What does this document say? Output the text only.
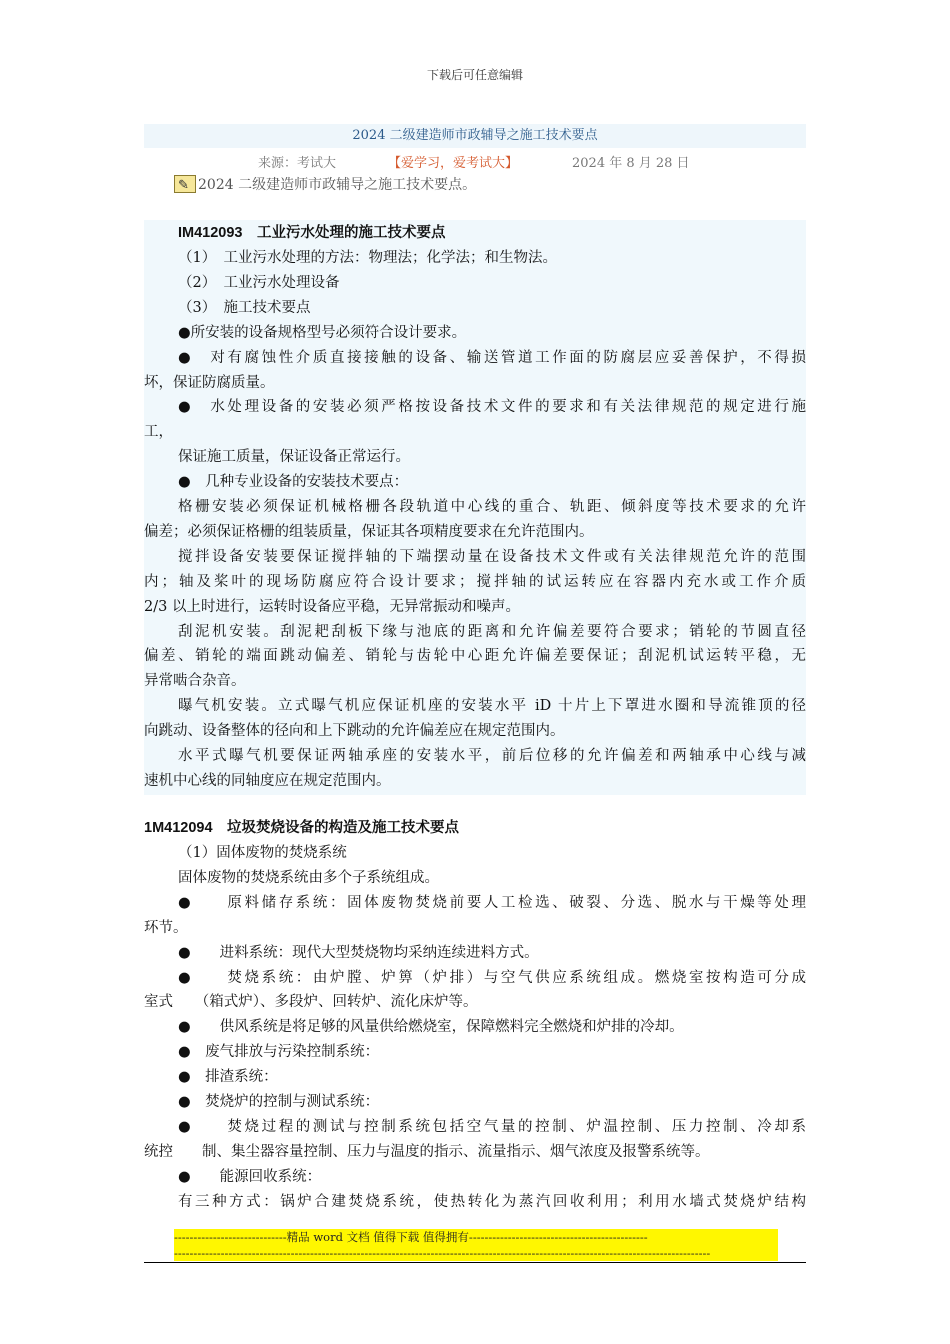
下载后可任意编辑
2024 二级建造师市政辅导之施工技术要点
来源：考试大	【爱学习，爱考试大】	2024 年 8 月 28 日
✎2024 二级建造师市政辅导之施工技术要点。
IM412093　工业污水处理的施工技术要点
（1）　工业污水处理的方法：物理法；化学法；和生物法。
（2）　工业污水处理设备
（3）　施工技术要点
●所安装的设备规格型号必须符合设计要求。
●　对有腐蚀性介质直接接触的设备、输送管道工作面的防腐层应妥善保护，不得损
坏，保证防腐质量。
●　水处理设备的安装必须严格按设备技术文件的要求和有关法律规范的规定进行施
工，
保证施工质量，保证设备正常运行。
●　几种专业设备的安装技术要点：
格栅安装必须保证机械格栅各段轨道中心线的重合、轨距、倾斜度等技术要求的允许
偏差；必须保证格栅的组装质量，保证其各项精度要求在允许范围内。
搅拌设备安装要保证搅拌轴的下端摆动量在设备技术文件或有关法律规范允许的范围
内；轴及桨叶的现场防腐应符合设计要求；搅拌轴的试运转应在容器内充水或工作介质
2/3 以上时进行，运转时设备应平稳，无异常振动和噪声。
刮泥机安装。刮泥耙刮板下缘与池底的距离和允许偏差要符合要求；销轮的节圆直径
偏差、销轮的端面跳动偏差、销轮与齿轮中心距允许偏差要保证；刮泥机试运转平稳，无
异常啮合杂音。
曝气机安装。立式曝气机应保证机座的安装水平 iD 十片上下罩进水圈和导流锥顶的径
向跳动、设备整体的径向和上下跳动的允许偏差应在规定范围内。
水平式曝气机要保证两轴承座的安装水平，前后位移的允许偏差和两轴承中心线与减
速机中心线的同轴度应在规定范围内。
1M412094　垃圾焚烧设备的构造及施工技术要点
（1）固体废物的焚烧系统
固体废物的焚烧系统由多个子系统组成。
●　　原料储存系统：固体废物焚烧前要人工检选、破裂、分选、脱水与干燥等处理
环节。
●　　进料系统：现代大型焚烧物均采纳连续进料方式。
●　　焚烧系统：由炉膛、炉箅（炉排）与空气供应系统组成。燃烧室按构造可分成
室式　　（箱式炉）、多段炉、回转炉、流化床炉等。
●　　供风系统是将足够的风量供给燃烧室，保障燃料完全燃烧和炉排的冷却。
●　废气排放与污染控制系统：
●　排渣系统：
●　焚烧炉的控制与测试系统：
●　　焚烧过程的测试与控制系统包括空气量的控制、炉温控制、压力控制、冷却系
统控　　制、集尘器容量控制、压力与温度的指示、流量指示、烟气浓度及报警系统等。
●　　能源回收系统：
有三种方式：锅炉合建焚烧系统，使热转化为蒸汽回收利用；利用水墙式焚烧炉结构
-----------------------------精品 word 文档 值得下载 值得拥有----------------------------------------------
------------------------------------------------------------------------------------------------------------------------------------------
